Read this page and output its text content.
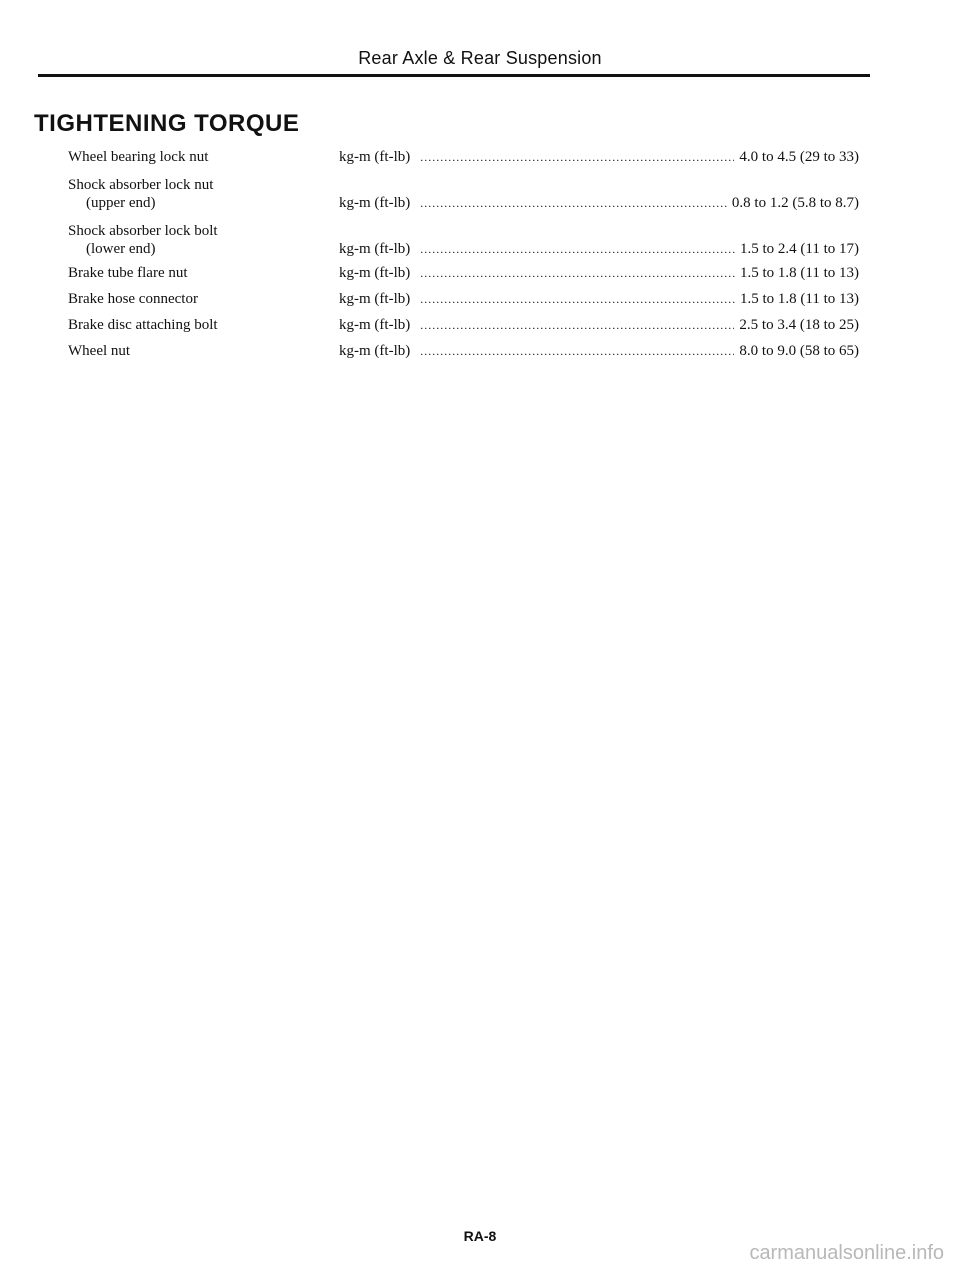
Rear Axle & Rear Suspension
TIGHTENING TORQUE
Wheel bearing lock nut	kg-m (ft-lb) .....	4.0 to 4.5 (29 to 33)
Shock absorber lock nut
(upper end)	kg-m (ft-lb) .....	0.8 to 1.2 (5.8 to 8.7)
Shock absorber lock bolt
(lower end)	kg-m (ft-lb) .....	1.5 to 2.4 (11 to 17)
Brake tube flare nut	kg-m (ft-lb) .....	1.5 to 1.8 (11 to 13)
Brake hose connector	kg-m (ft-lb) .....	1.5 to 1.8 (11 to 13)
Brake disc attaching bolt	kg-m (ft-lb) .....	2.5 to 3.4 (18 to 25)
Wheel nut	kg-m (ft-lb) .....	8.0 to 9.0 (58 to 65)
RA-8
carmanualsonline.info
